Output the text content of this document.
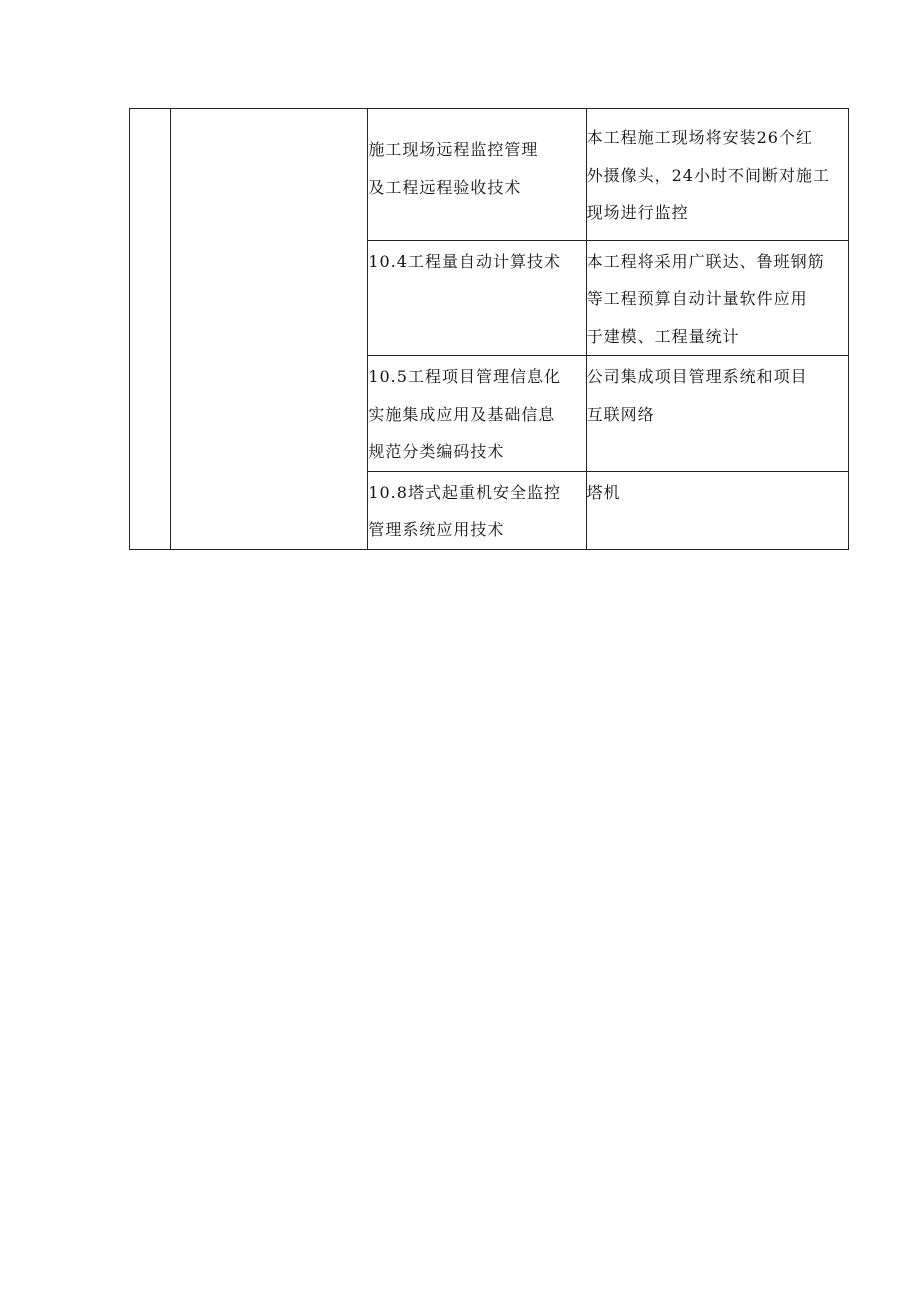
		施工现场远程监控管理
及工程远程验收技术	本工程施工现场将安装26个红
外摄像头，24小时不间断对施工
现场进行监控

		10.4工程量自动计算技术	本工程将采用广联达、鲁班钢筋
等工程预算自动计量软件应用
于建模、工程量统计

		10.5工程项目管理信息化
实施集成应用及基础信息
规范分类编码技术	公司集成项目管理系统和项目
互联网络

		10.8塔式起重机安全监控
管理系统应用技术	塔机
